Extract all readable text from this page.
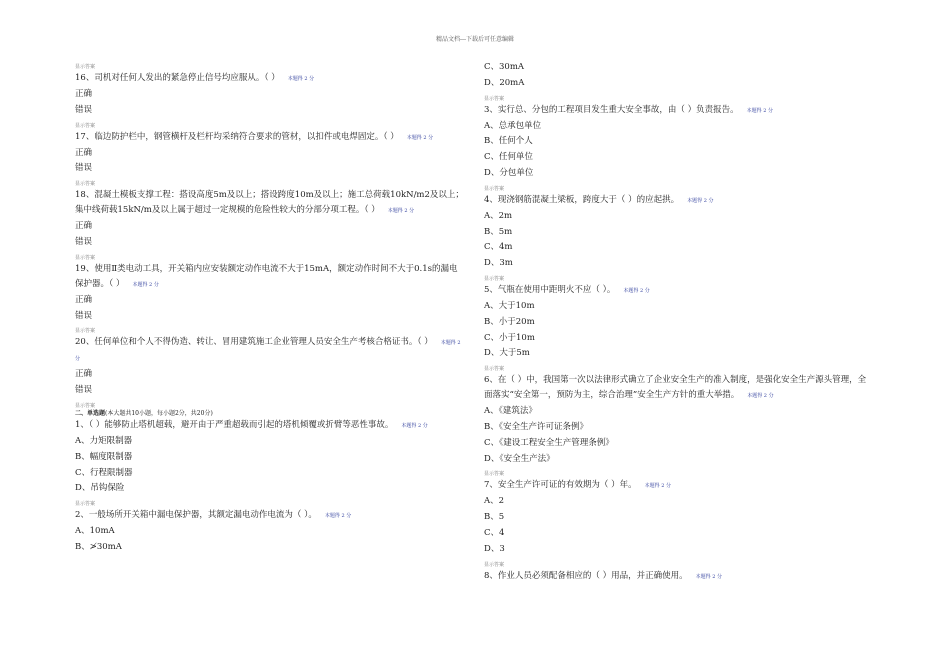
精品文档---下载后可任意编辑
显示答案
16、司机对任何人发出的紧急停止信号均应服从。（ ） 本题得 2 分
正确
错误
显示答案
17、临边防护栏中，钢管横杆及栏杆均采纳符合要求的管材，以扣件或电焊固定。（ ） 本题得 2 分
正确
错误
显示答案
18、混凝土模板支撑工程：搭设高度5m及以上；搭设跨度10m及以上；施工总荷载10kN/m2及以上；集中线荷载15kN/m及以上属于超过一定规模的危险性较大的分部分项工程。（ ） 本题得 2 分
正确
错误
显示答案
19、使用Ⅱ类电动工具，开关箱内应安装额定动作电流不大于15mA，额定动作时间不大于0.1s的漏电保护器。（ ） 本题得 2 分
正确
错误
显示答案
20、任何单位和个人不得伪造、转让、冒用建筑施工企业管理人员安全生产考核合格证书。（ ） 本题得 2 分
正确
错误
显示答案
二、单选题(本大题共10小题，每小题2分，共20分)
1、（ ）能够防止塔机超载，避开由于严重超载而引起的塔机倾覆或折臂等恶性事故。 本题得 2 分
A、力矩限制器
B、幅度限制器
C、行程限制器
D、吊钩保险
显示答案
2、一般场所开关箱中漏电保护器，其额定漏电动作电流为（ ）。 本题得 2 分
A、10mA
B、≯30mA
C、30mA
D、20mA
显示答案
3、实行总、分包的工程项目发生重大安全事故，由（ ）负责报告。 本题得 2 分
A、总承包单位
B、任何个人
C、任何单位
D、分包单位
显示答案
4、现浇钢筋混凝土梁板，跨度大于（ ）的应起拱。 本题得 2 分
A、2m
B、5m
C、4m
D、3m
显示答案
5、气瓶在使用中距明火不应（ ）。 本题得 2 分
A、大于10m
B、小于20m
C、小于10m
D、大于5m
显示答案
6、在（ ）中，我国第一次以法律形式确立了企业安全生产的准入制度，是强化安全生产源头管理，全面落实“安全第一，预防为主，综合治理”安全生产方针的重大举措。 本题得 2 分
A、《建筑法》
B、《安全生产许可证条例》
C、《建设工程安全生产管理条例》
D、《安全生产法》
显示答案
7、安全生产许可证的有效期为（ ）年。 本题得 2 分
A、2
B、5
C、4
D、3
显示答案
8、作业人员必须配备相应的（ ）用品，并正确使用。 本题得 2 分
